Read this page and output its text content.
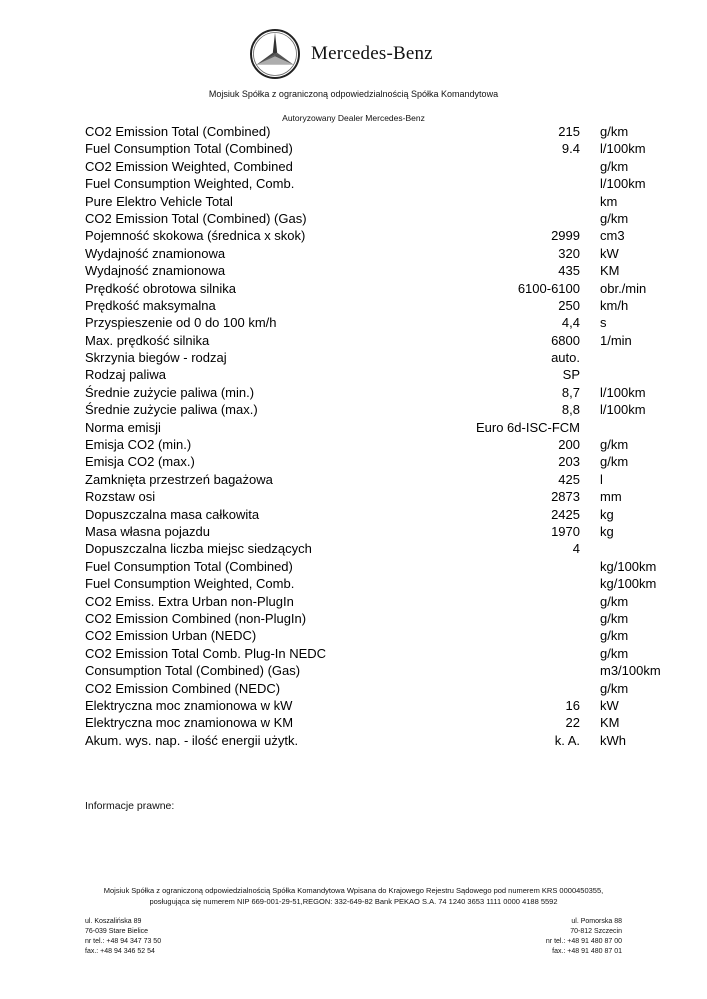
Mercedes-Benz
Mojsiuk Spółka z ograniczoną odpowiedzialnością Spółka Komandytowa
Autoryzowany Dealer Mercedes-Benz
CO2 Emission Total (Combined)	215 g/km
Fuel Consumption Total (Combined)	9.4 l/100km
CO2 Emission Weighted, Combined	g/km
Fuel Consumption Weighted, Comb.	l/100km
Pure Elektro Vehicle Total	km
CO2 Emission Total (Combined) (Gas)	g/km
Pojemność skokowa (średnica x skok)	2999 cm3
Wydajność znamionowa	320 kW
Wydajność znamionowa	435 KM
Prędkość obrotowa silnika	6100-6100 obr./min
Prędkość maksymalna	250 km/h
Przyspieszenie od 0 do 100 km/h	4,4 s
Max. prędkość silnika	6800 1/min
Skrzynia biegów - rodzaj	auto.
Rodzaj paliwa	SP
Średnie zużycie paliwa (min.)	8,7 l/100km
Średnie zużycie paliwa (max.)	8,8 l/100km
Norma emisji	Euro 6d-ISC-FCM
Emisja CO2 (min.)	200 g/km
Emisja CO2 (max.)	203 g/km
Zamknięta przestrzeń bagażowa	425 l
Rozstaw osi	2873 mm
Dopuszczalna masa całkowita	2425 kg
Masa własna pojazdu	1970 kg
Dopuszczalna liczba miejsc siedzących	4
Fuel Consumption Total (Combined)	kg/100km
Fuel Consumption Weighted, Comb.	kg/100km
CO2 Emiss. Extra Urban non-PlugIn	g/km
CO2 Emission Combined (non-PlugIn)	g/km
CO2 Emission Urban (NEDC)	g/km
CO2 Emission Total Comb. Plug-In NEDC	g/km
Consumption Total (Combined) (Gas)	m3/100km
CO2 Emission Combined (NEDC)	g/km
Elektryczna moc znamionowa w kW	16 kW
Elektryczna moc znamionowa w KM	22 KM
Akum. wys. nap. - ilość energii użytk.	k. A. kWh
Informacje prawne:
Mojsiuk Spółka z ograniczoną odpowiedzialnością Spółka Komandytowa Wpisana do Krajowego Rejestru Sądowego pod numerem KRS 0000450355,
posługująca się numerem NIP 669-001-29-51,REGON: 332-649-82 Bank PEKAO S.A. 74 1240 3653 1111 0000 4188 5592
ul. Koszalińska 89
76-039 Stare Bielice
nr tel.: +48 94 347 73 50
fax.: +48 94 346 52 54
ul. Pomorska 88
70-812 Szczecin
nr tel.: +48 91 480 87 00
fax.: +48 91 480 87 01
